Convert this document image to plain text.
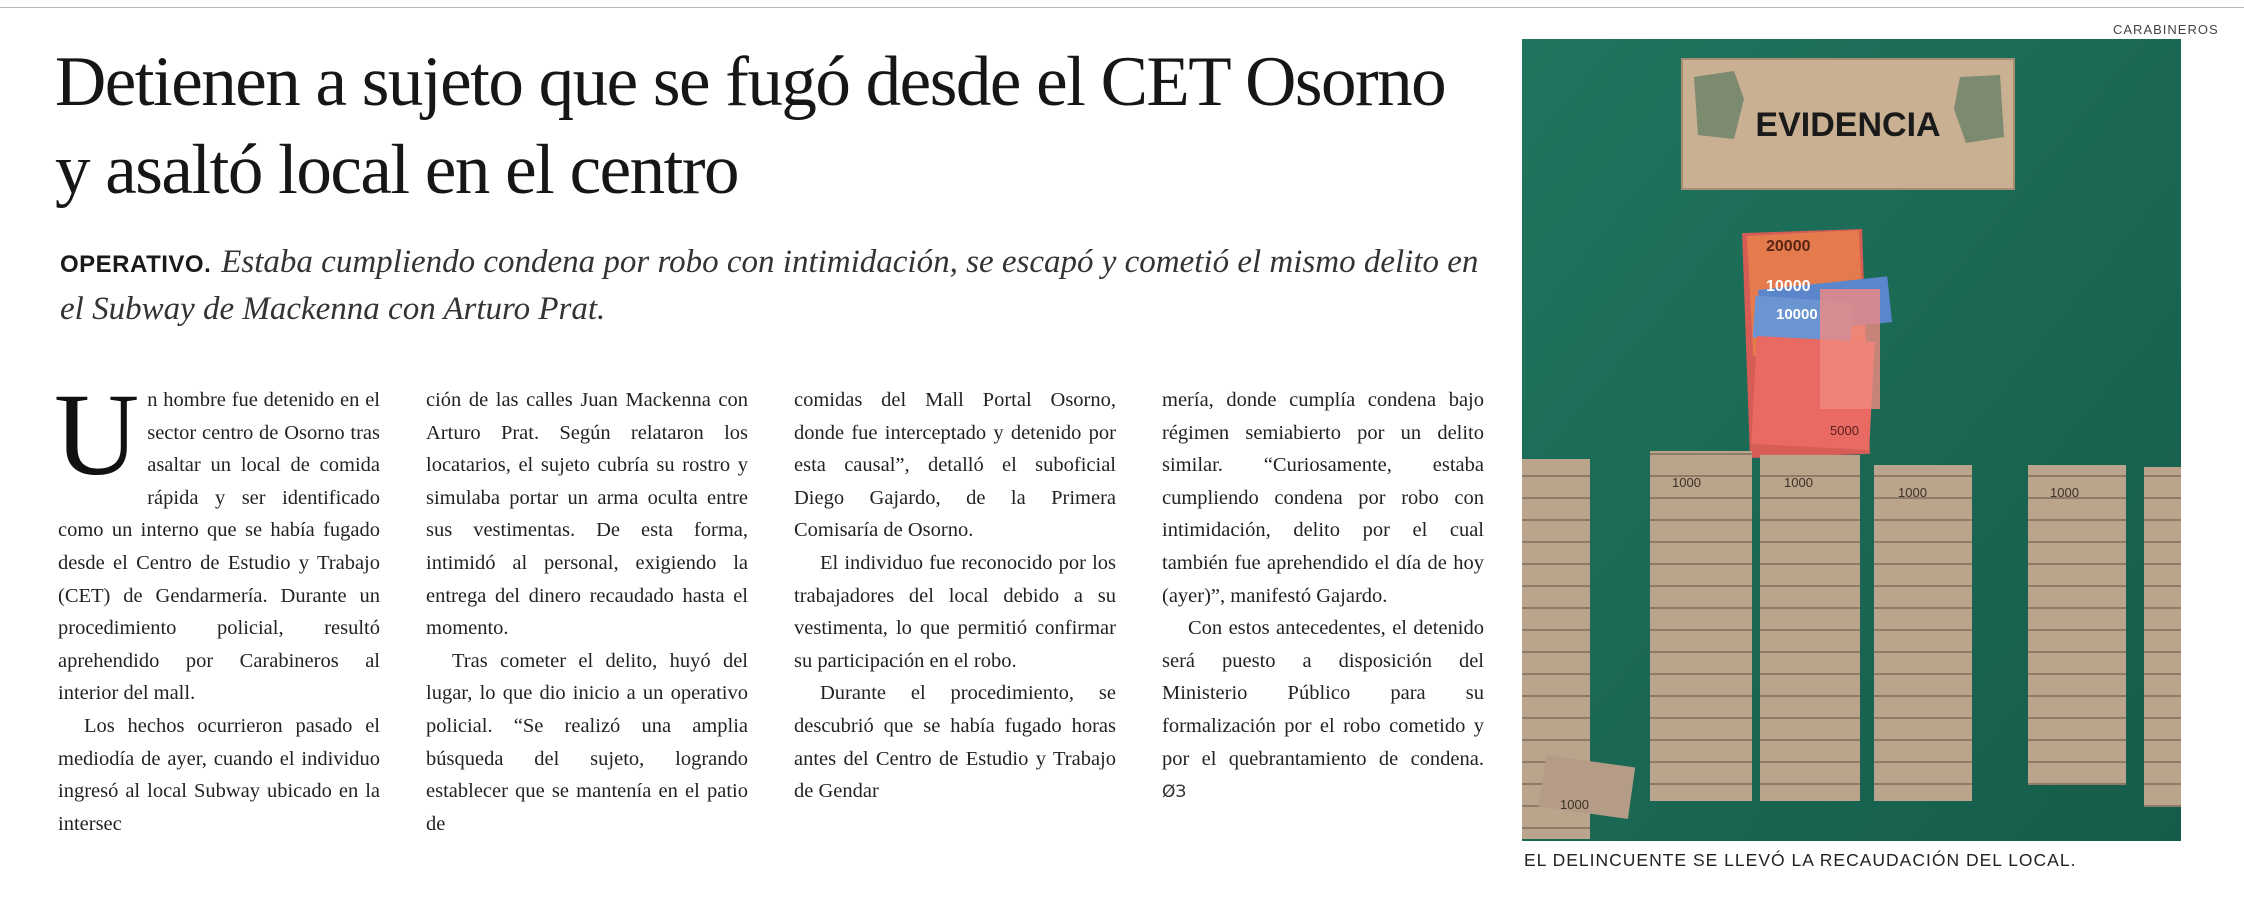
Detienen a sujeto que se fugó desde el CET Osorno y asaltó local en el centro
OPERATIVO. Estaba cumpliendo condena por robo con intimidación, se escapó y cometió el mismo delito en el Subway de Mackenna con Arturo Prat.

Un hombre fue detenido en el sector centro de Osorno tras asaltar un local de comida rápida y ser identificado como un interno que se había fugado desde el Centro de Estudio y Trabajo (CET) de Gendarmería. Durante un procedimiento policial, resultó aprehendido por Carabineros al interior del mall.

Los hechos ocurrieron pasado el mediodía de ayer, cuando el individuo ingresó al local Subway ubicado en la intersec

ción de las calles Juan Mackenna con Arturo Prat. Según relataron los locatarios, el sujeto cubría su rostro y simulaba portar un arma oculta entre sus vestimentas. De esta forma, intimidó al personal, exigiendo la entrega del dinero recaudado hasta el momento.

Tras cometer el delito, huyó del lugar, lo que dio inicio a un operativo policial. “Se realizó una amplia búsqueda del sujeto, logrando establecer que se mantenía en el patio de

comidas del Mall Portal Osorno, donde fue interceptado y detenido por esta causal”, detalló el suboficial Diego Gajardo, de la Primera Comisaría de Osorno.

El individuo fue reconocido por los trabajadores del local debido a su vestimenta, lo que permitió confirmar su participación en el robo.

Durante el procedimiento, se descubrió que se había fugado horas antes del Centro de Estudio y Trabajo de Gendar

mería, donde cumplía condena bajo régimen semiabierto por un delito similar. “Curiosamente, estaba cumpliendo condena por robo con intimidación, delito por el cual también fue aprehendido el día de hoy (ayer)”, manifestó Gajardo.

Con estos antecedentes, el detenido será puesto a disposición del Ministerio Público para su formalización por el robo cometido y por el quebrantamiento de condena. ØЗ

CARABINEROS
EVIDENCIA
20000
10000
10000
5000
1000
1000	1000
1000	1000
EL DELINCUENTE SE LLEVÓ LA RECAUDACIÓN DEL LOCAL.
